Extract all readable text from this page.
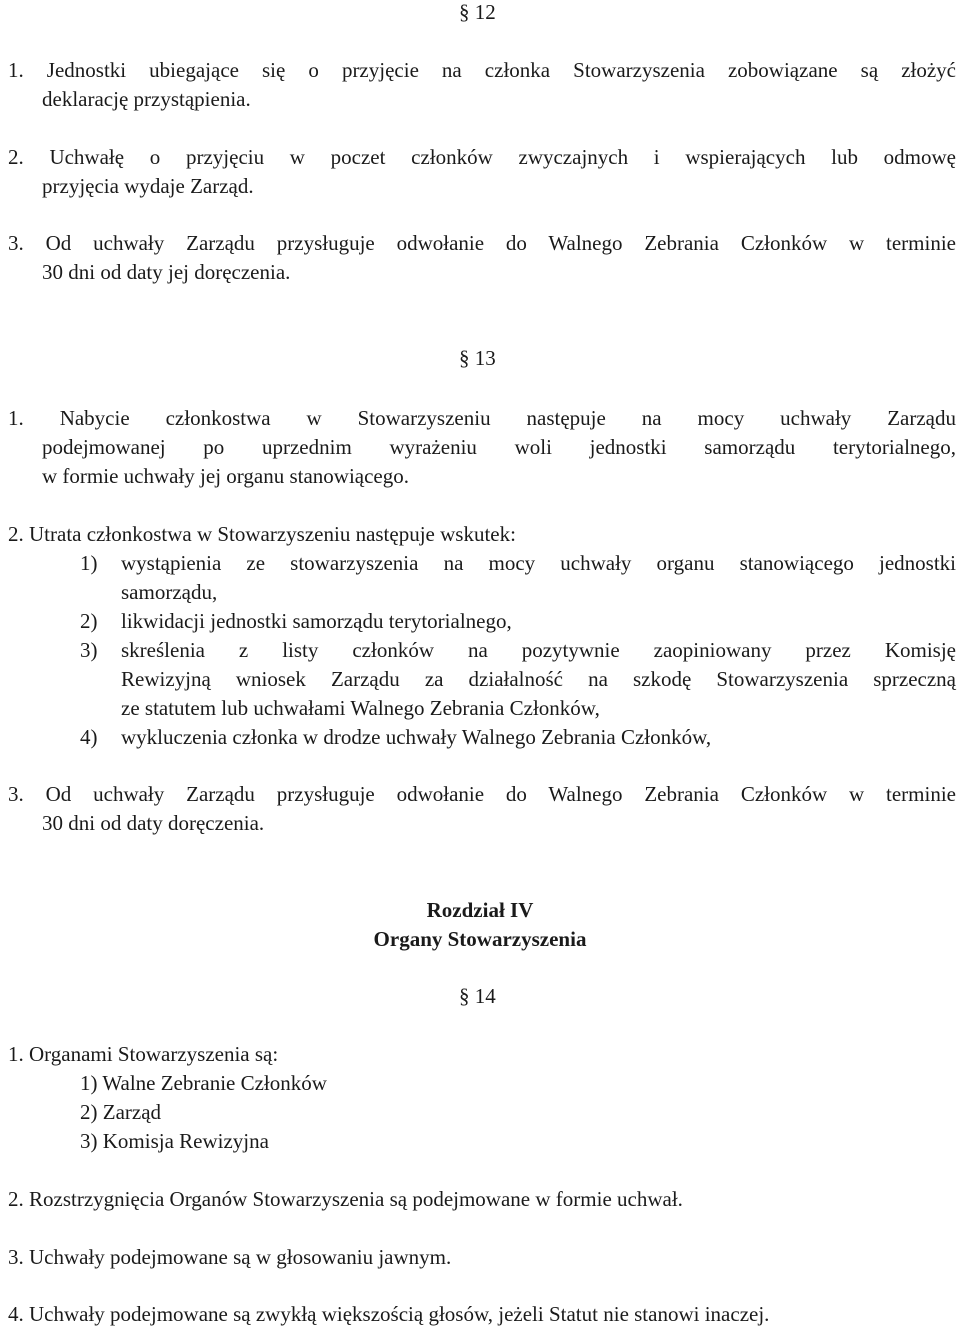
§ 12
1. Jednostki ubiegające się o przyjęcie na członka Stowarzyszenia zobowiązane są złożyć
deklarację przystąpienia.
2. Uchwałę o przyjęciu w poczet członków zwyczajnych i wspierających lub odmowę
przyjęcia wydaje Zarząd.
3. Od uchwały Zarządu przysługuje odwołanie do Walnego Zebrania Członków w terminie
30 dni od daty jej doręczenia.
§ 13
1. Nabycie członkostwa w Stowarzyszeniu następuje na mocy uchwały Zarządu
podejmowanej po uprzednim wyrażeniu woli jednostki samorządu terytorialnego,
w formie uchwały jej organu stanowiącego.
2. Utrata członkostwa w Stowarzyszeniu następuje wskutek:
1) wystąpienia ze stowarzyszenia na mocy uchwały organu stanowiącego jednostki
samorządu,
2) likwidacji jednostki samorządu terytorialnego,
3) skreślenia z listy członków na pozytywnie zaopiniowany przez Komisję
Rewizyjną wniosek Zarządu za działalność na szkodę Stowarzyszenia sprzeczną
ze statutem lub uchwałami Walnego Zebrania Członków,
4) wykluczenia członka w drodze uchwały Walnego Zebrania Członków,
3. Od uchwały Zarządu przysługuje odwołanie do Walnego Zebrania Członków w terminie
30 dni od daty doręczenia.
Rozdział IV
Organy Stowarzyszenia
§ 14
1. Organami Stowarzyszenia są:
1) Walne Zebranie Członków
2) Zarząd
3) Komisja Rewizyjna
2. Rozstrzygnięcia Organów Stowarzyszenia są podejmowane w formie uchwał.
3. Uchwały podejmowane są w głosowaniu jawnym.
4. Uchwały podejmowane są zwykłą większością głosów, jeżeli Statut nie stanowi inaczej.
